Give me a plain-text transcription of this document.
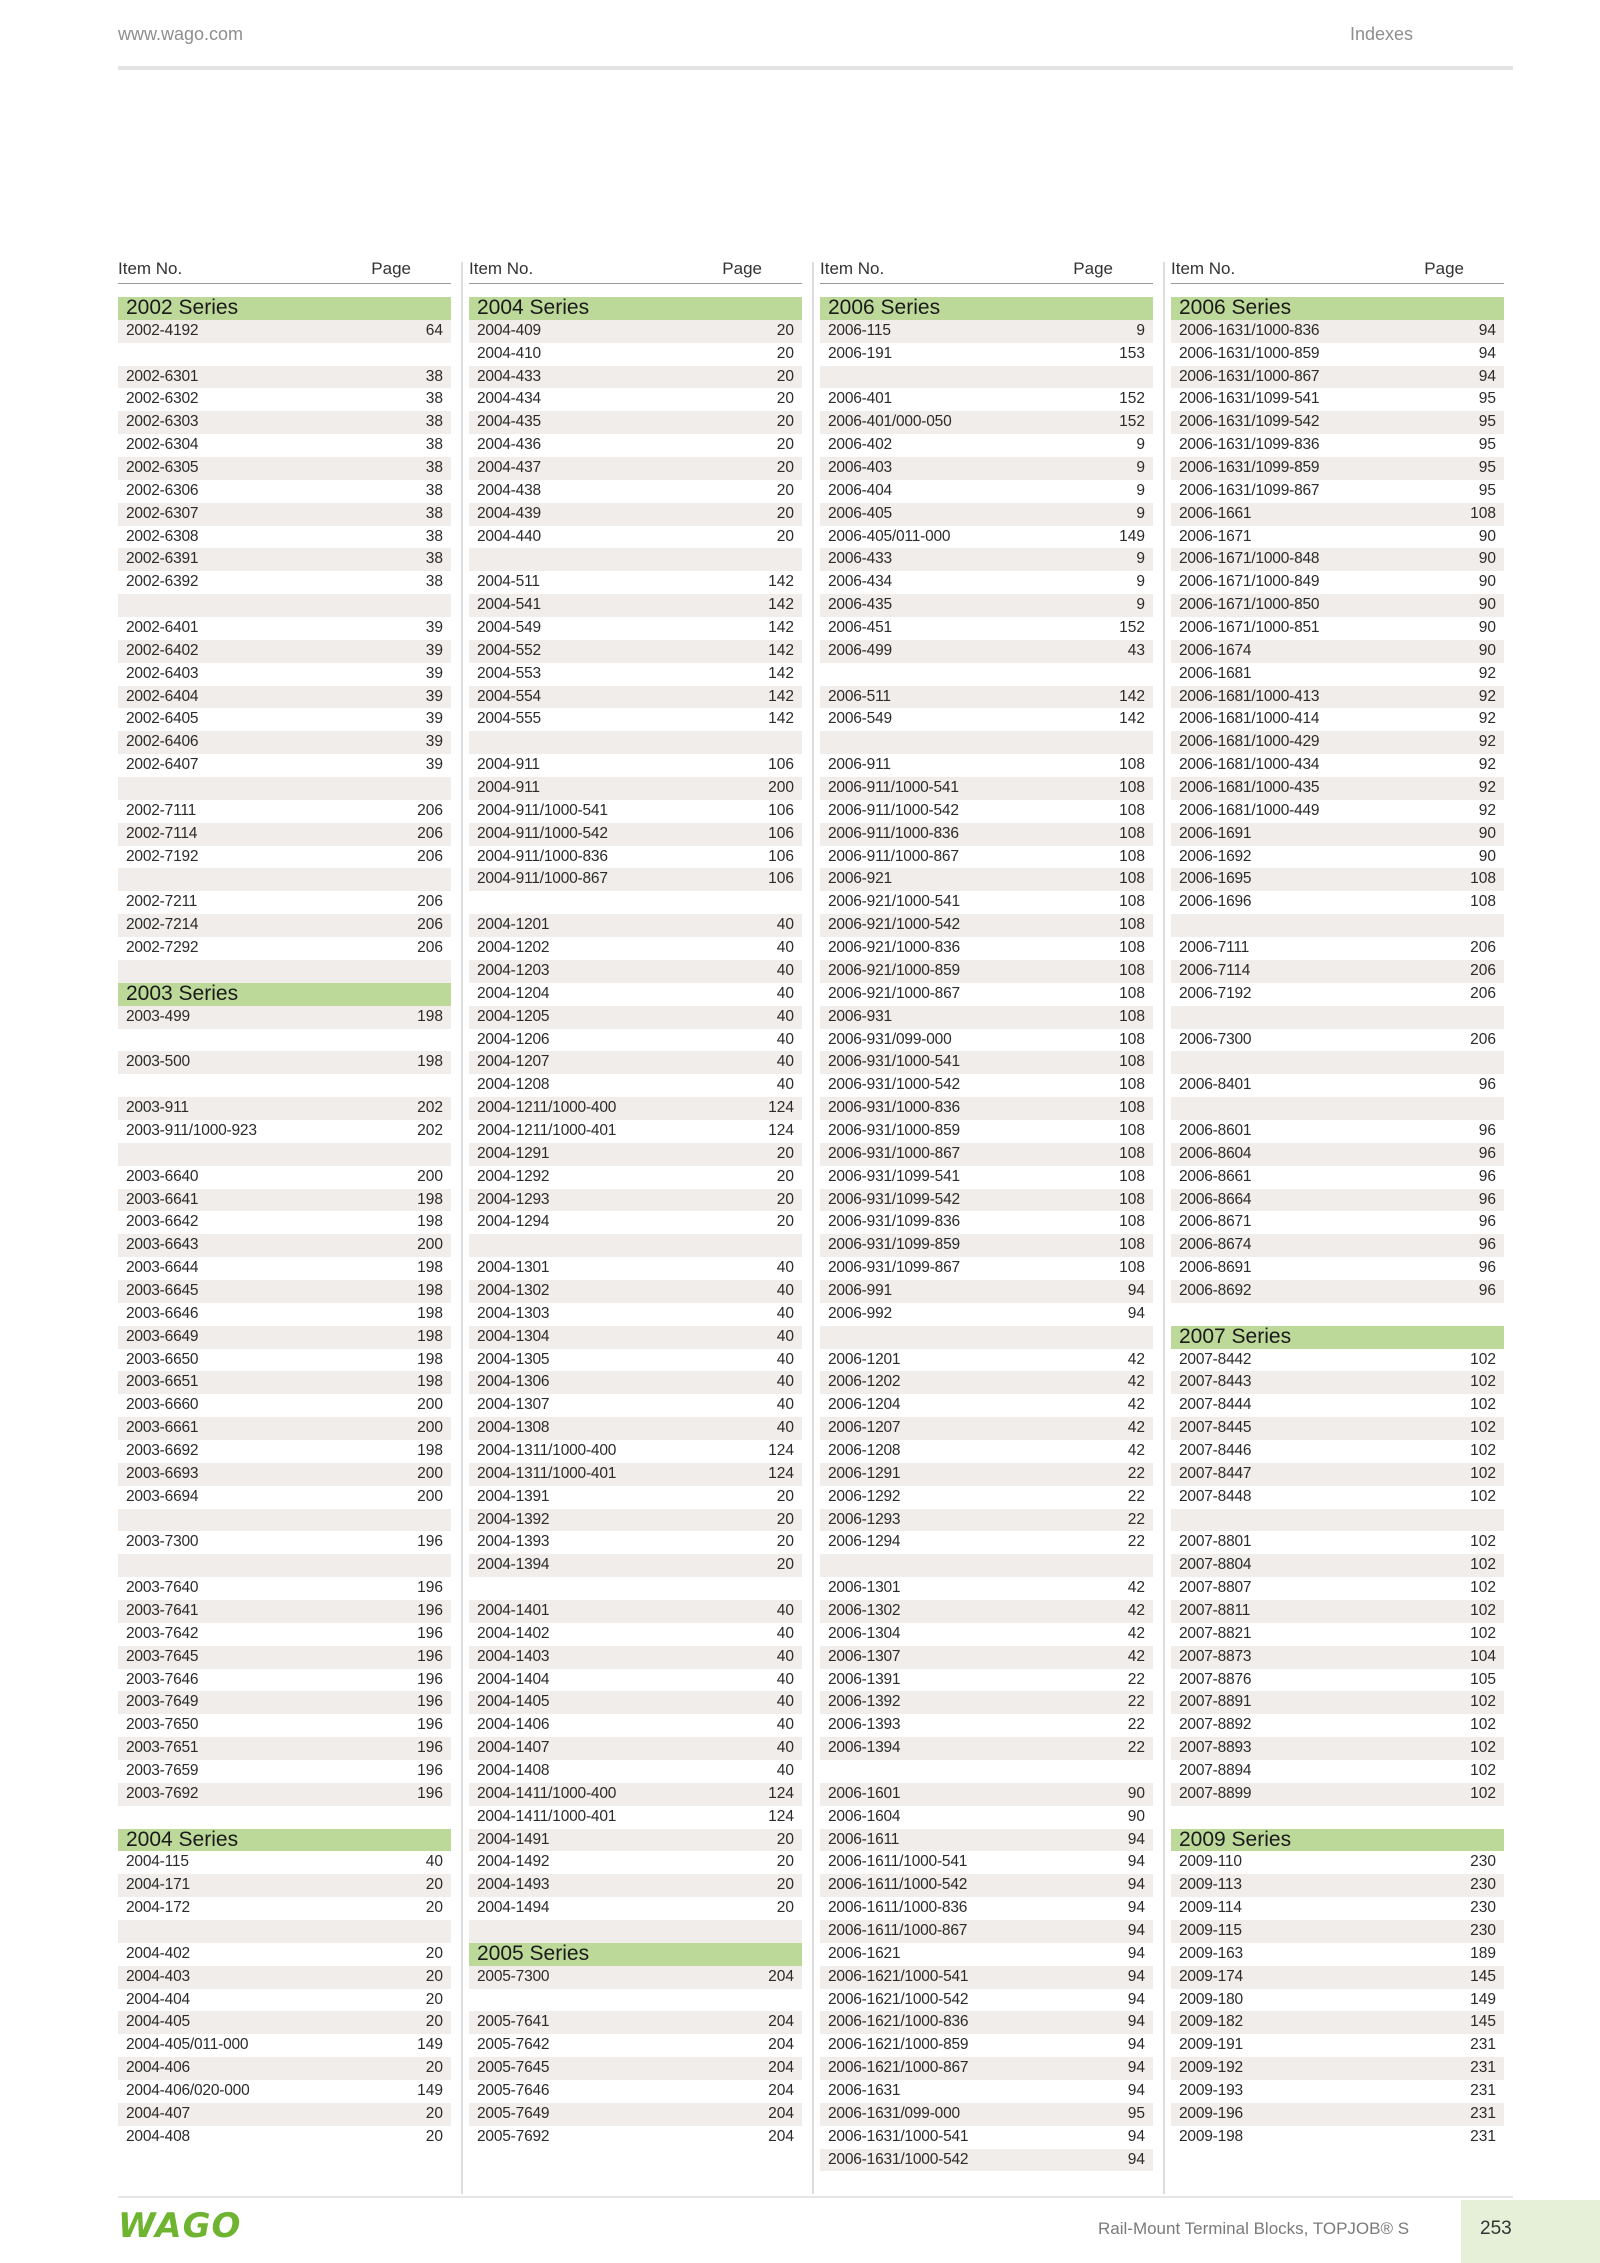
www.wago.com	Indexes
Item No.	Page
2002 Series
2002-4192	64
2002-6301	38
2002-6302	38
2002-6303	38
2002-6304	38
2002-6305	38
2002-6306	38
2002-6307	38
2002-6308	38
2002-6391	38
2002-6392	38
2002-6401	39
2002-6402	39
2002-6403	39
2002-6404	39
2002-6405	39
2002-6406	39
2002-6407	39
2002-7111	206
2002-7114	206
2002-7192	206
2002-7211	206
2002-7214	206
2002-7292	206
2003 Series
2003-499	198
2003-500	198
2003-911	202
2003-911/1000-923	202
2003-6640	200
2003-6641	198
2003-6642	198
2003-6643	200
2003-6644	198
2003-6645	198
2003-6646	198
2003-6649	198
2003-6650	198
2003-6651	198
2003-6660	200
2003-6661	200
2003-6692	198
2003-6693	200
2003-6694	200
2003-7300	196
2003-7640	196
2003-7641	196
2003-7642	196
2003-7645	196
2003-7646	196
2003-7649	196
2003-7650	196
2003-7651	196
2003-7659	196
2003-7692	196
2004 Series
2004-115	40
2004-171	20
2004-172	20
2004-402	20
2004-403	20
2004-404	20
2004-405	20
2004-405/011-000	149
2004-406	20
2004-406/020-000	149
2004-407	20
2004-408	20
Item No.	Page
2004 Series
2004-409	20
2004-410	20
2004-433	20
2004-434	20
2004-435	20
2004-436	20
2004-437	20
2004-438	20
2004-439	20
2004-440	20
2004-511	142
2004-541	142
2004-549	142
2004-552	142
2004-553	142
2004-554	142
2004-555	142
2004-911	106
2004-911	200
2004-911/1000-541	106
2004-911/1000-542	106
2004-911/1000-836	106
2004-911/1000-867	106
2004-1201	40
2004-1202	40
2004-1203	40
2004-1204	40
2004-1205	40
2004-1206	40
2004-1207	40
2004-1208	40
2004-1211/1000-400	124
2004-1211/1000-401	124
2004-1291	20
2004-1292	20
2004-1293	20
2004-1294	20
2004-1301	40
2004-1302	40
2004-1303	40
2004-1304	40
2004-1305	40
2004-1306	40
2004-1307	40
2004-1308	40
2004-1311/1000-400	124
2004-1311/1000-401	124
2004-1391	20
2004-1392	20
2004-1393	20
2004-1394	20
2004-1401	40
2004-1402	40
2004-1403	40
2004-1404	40
2004-1405	40
2004-1406	40
2004-1407	40
2004-1408	40
2004-1411/1000-400	124
2004-1411/1000-401	124
2004-1491	20
2004-1492	20
2004-1493	20
2004-1494	20
2005 Series
2005-7300	204
2005-7641	204
2005-7642	204
2005-7645	204
2005-7646	204
2005-7649	204
2005-7692	204
Item No.	Page
2006 Series
2006-115	9
2006-191	153
2006-401	152
2006-401/000-050	152
2006-402	9
2006-403	9
2006-404	9
2006-405	9
2006-405/011-000	149
2006-433	9
2006-434	9
2006-435	9
2006-451	152
2006-499	43
2006-511	142
2006-549	142
2006-911	108
2006-911/1000-541	108
2006-911/1000-542	108
2006-911/1000-836	108
2006-911/1000-867	108
2006-921	108
2006-921/1000-541	108
2006-921/1000-542	108
2006-921/1000-836	108
2006-921/1000-859	108
2006-921/1000-867	108
2006-931	108
2006-931/099-000	108
2006-931/1000-541	108
2006-931/1000-542	108
2006-931/1000-836	108
2006-931/1000-859	108
2006-931/1000-867	108
2006-931/1099-541	108
2006-931/1099-542	108
2006-931/1099-836	108
2006-931/1099-859	108
2006-931/1099-867	108
2006-991	94
2006-992	94
2006-1201	42
2006-1202	42
2006-1204	42
2006-1207	42
2006-1208	42
2006-1291	22
2006-1292	22
2006-1293	22
2006-1294	22
2006-1301	42
2006-1302	42
2006-1304	42
2006-1307	42
2006-1391	22
2006-1392	22
2006-1393	22
2006-1394	22
2006-1601	90
2006-1604	90
2006-1611	94
2006-1611/1000-541	94
2006-1611/1000-542	94
2006-1611/1000-836	94
2006-1611/1000-867	94
2006-1621	94
2006-1621/1000-541	94
2006-1621/1000-542	94
2006-1621/1000-836	94
2006-1621/1000-859	94
2006-1621/1000-867	94
2006-1631	94
2006-1631/099-000	95
2006-1631/1000-541	94
2006-1631/1000-542	94
Item No.	Page
2006 Series
2006-1631/1000-836	94
2006-1631/1000-859	94
2006-1631/1000-867	94
2006-1631/1099-541	95
2006-1631/1099-542	95
2006-1631/1099-836	95
2006-1631/1099-859	95
2006-1631/1099-867	95
2006-1661	108
2006-1671	90
2006-1671/1000-848	90
2006-1671/1000-849	90
2006-1671/1000-850	90
2006-1671/1000-851	90
2006-1674	90
2006-1681	92
2006-1681/1000-413	92
2006-1681/1000-414	92
2006-1681/1000-429	92
2006-1681/1000-434	92
2006-1681/1000-435	92
2006-1681/1000-449	92
2006-1691	90
2006-1692	90
2006-1695	108
2006-1696	108
2006-7111	206
2006-7114	206
2006-7192	206
2006-7300	206
2006-8401	96
2006-8601	96
2006-8604	96
2006-8661	96
2006-8664	96
2006-8671	96
2006-8674	96
2006-8691	96
2006-8692	96
2007 Series
2007-8442	102
2007-8443	102
2007-8444	102
2007-8445	102
2007-8446	102
2007-8447	102
2007-8448	102
2007-8801	102
2007-8804	102
2007-8807	102
2007-8811	102
2007-8821	102
2007-8873	104
2007-8876	105
2007-8891	102
2007-8892	102
2007-8893	102
2007-8894	102
2007-8899	102
2009 Series
2009-110	230
2009-113	230
2009-114	230
2009-115	230
2009-163	189
2009-174	145
2009-180	149
2009-182	145
2009-191	231
2009-192	231
2009-193	231
2009-196	231
2009-198	231
WAGO	Rail-Mount Terminal Blocks, TOPJOB® S	253
